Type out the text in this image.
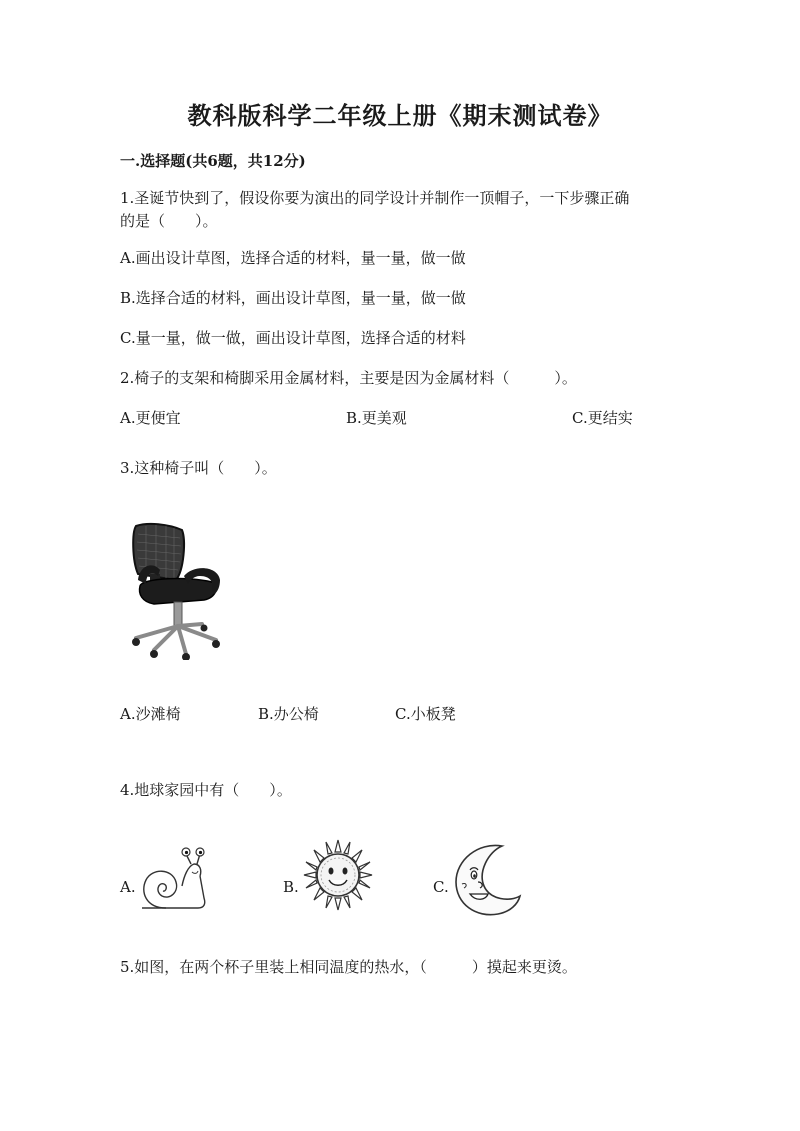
教科版科学二年级上册《期末测试卷》
一.选择题(共6题，共12分)
1.圣诞节快到了，假设你要为演出的同学设计并制作一顶帽子，一下步骤正确
的是（　　）。
A.画出设计草图，选择合适的材料，量一量，做一做
B.选择合适的材料，画出设计草图，量一量，做一做
C.量一量，做一做，画出设计草图，选择合适的材料
2.椅子的支架和椅脚采用金属材料，主要是因为金属材料（　　　）。
A.更便宜	B.更美观	C.更结实
3.这种椅子叫（　　）。
A.沙滩椅	B.办公椅	C.小板凳
4.地球家园中有（　　）。
A.	B.	C.
5.如图，在两个杯子里装上相同温度的热水，（　　　）摸起来更烫。
